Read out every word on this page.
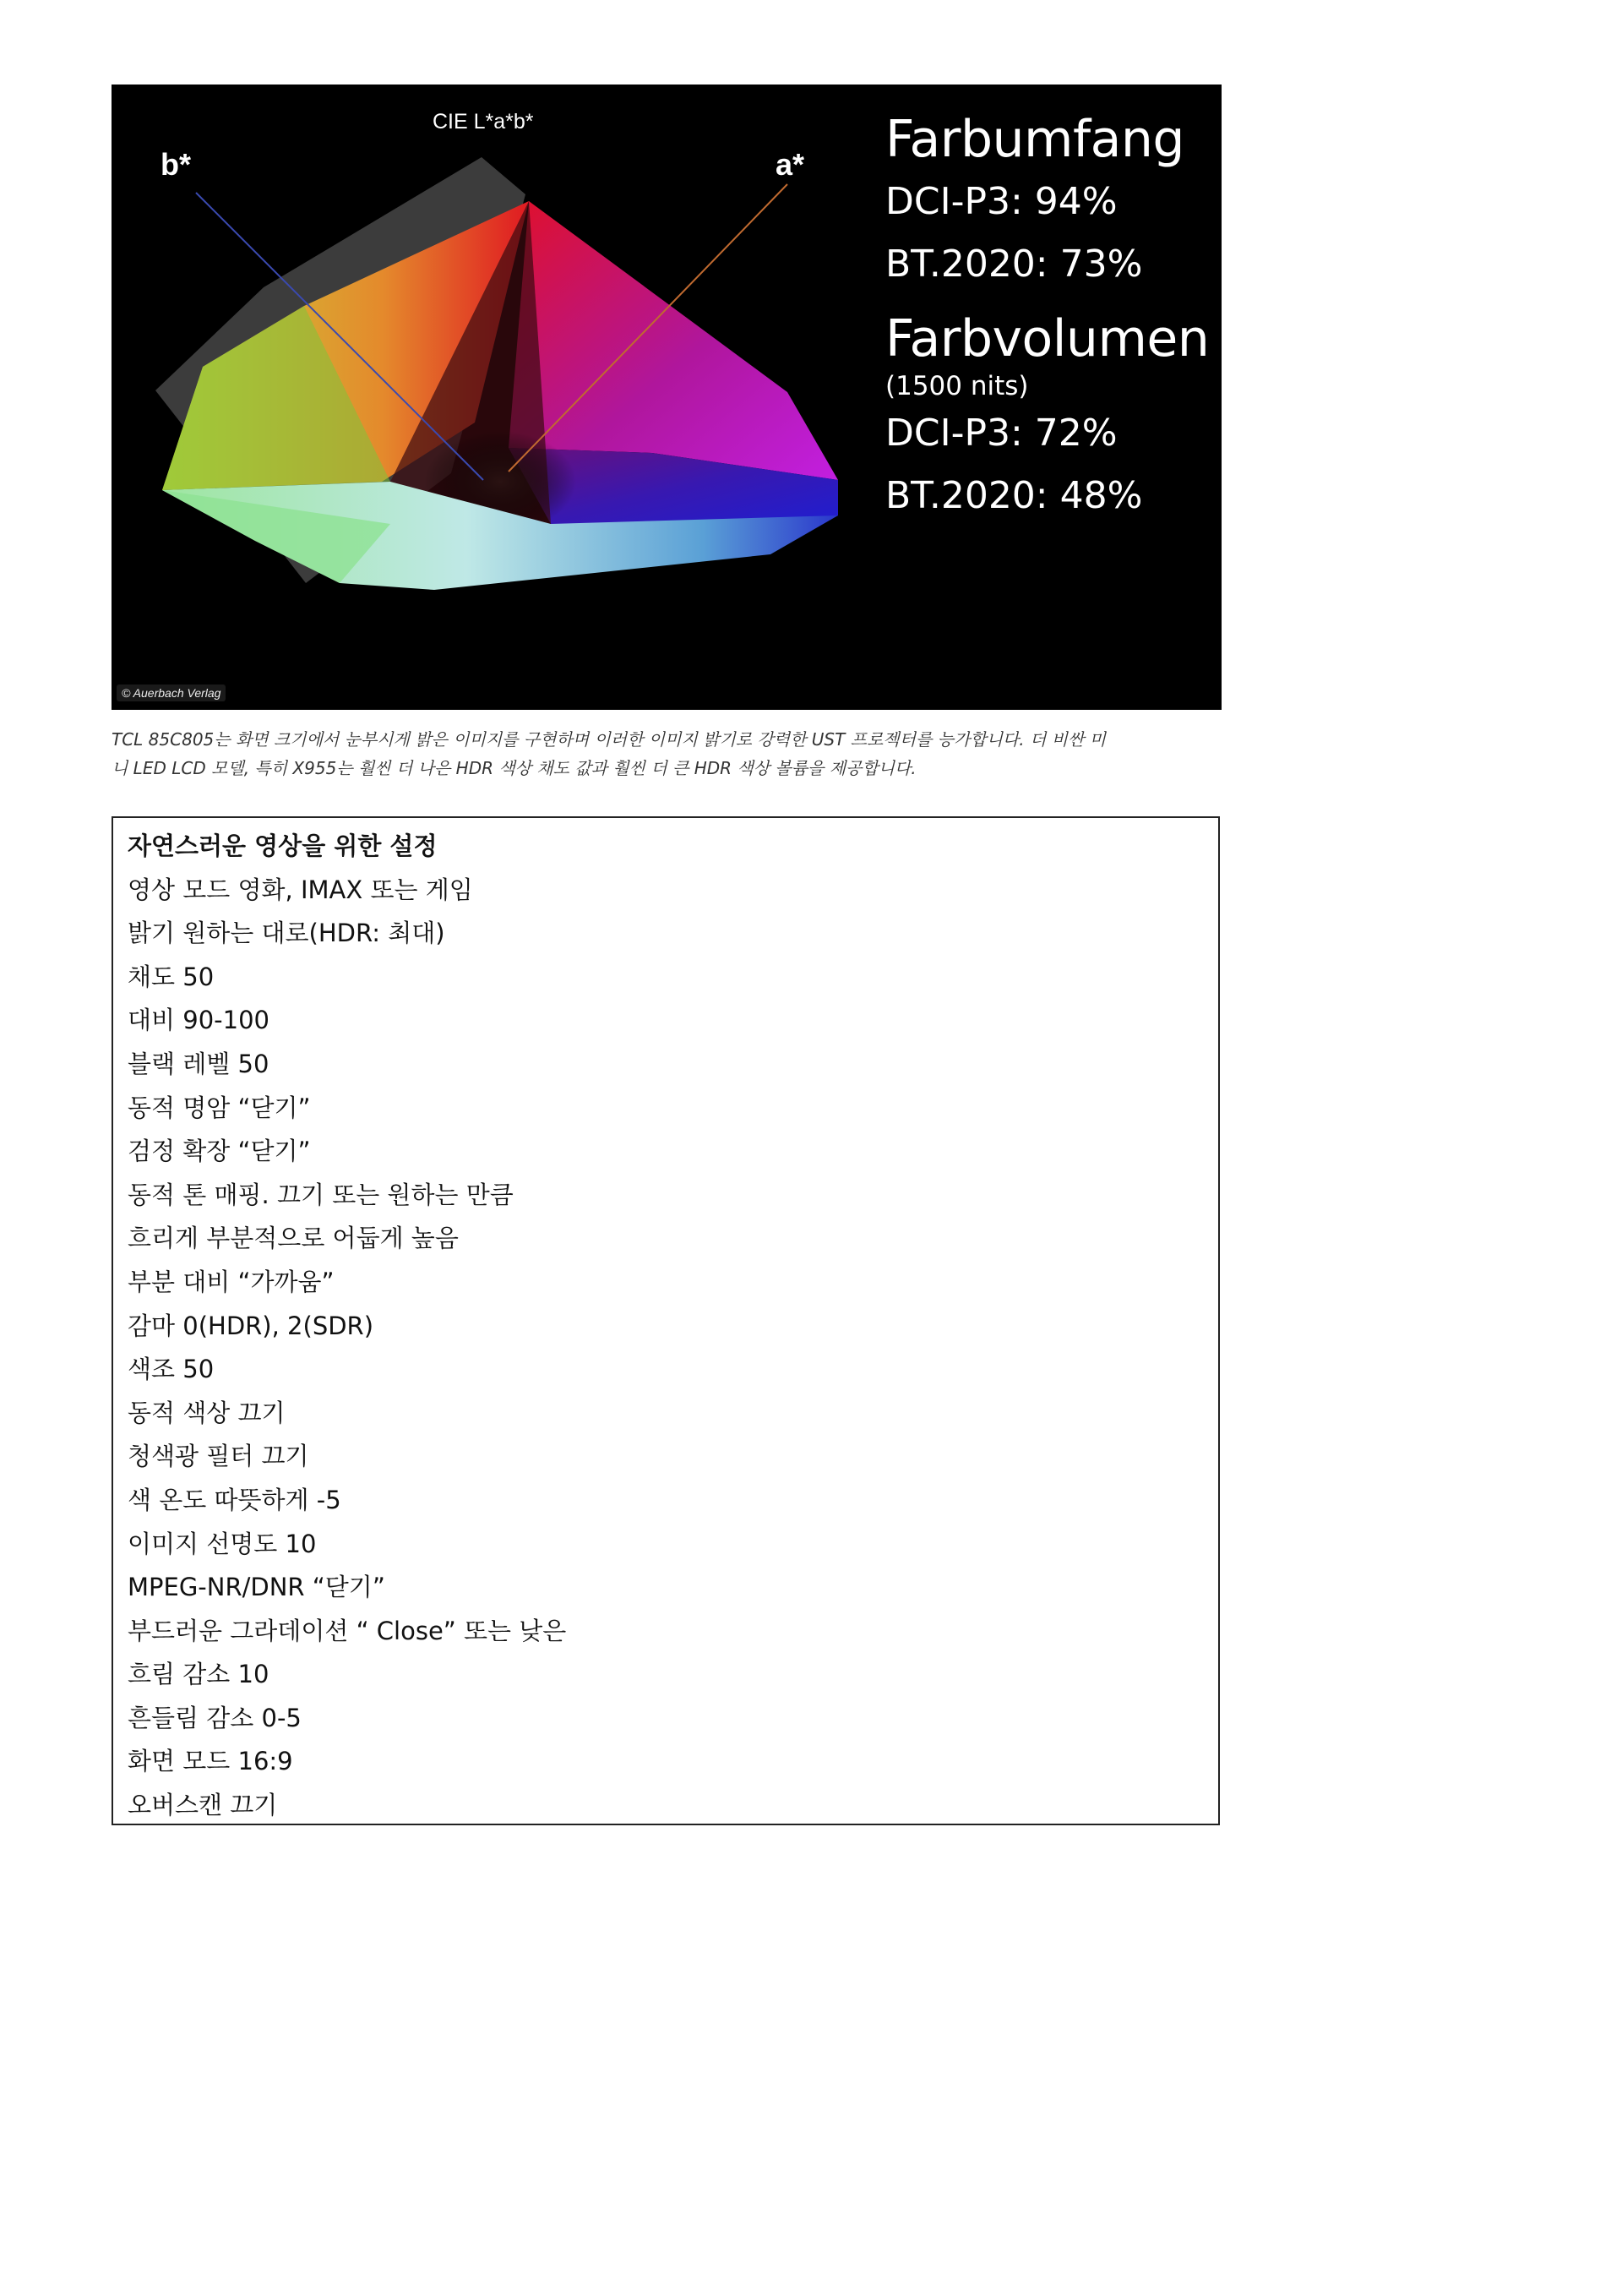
CIE L*a*b*
b*	a*
© Auerbach Verlag
Farbumfang
DCI-P3: 94%
BT.2020: 73%
Farbvolumen
(1500 nits)
DCI-P3: 72%
BT.2020: 48%
TCL 85C805는 화면 크기에서 눈부시게 밝은 이미지를 구현하며 이러한 이미지 밝기로 강력한 UST 프로젝터를 능가합니다. 더 비싼 미
니 LED LCD 모델, 특히 X955는 훨씬 더 나은 HDR 색상 채도 값과 훨씬 더 큰 HDR 색상 볼륨을 제공합니다.
자연스러운 영상을 위한 설정
영상 모드 영화, IMAX 또는 게임
밝기 원하는 대로(HDR: 최대)
채도 50
대비 90-100
블랙 레벨 50
동적 명암 “닫기”
검정 확장 “닫기”
동적 톤 매핑. 끄기 또는 원하는 만큼
흐리게 부분적으로 어둡게 높음
부분 대비 “가까움”
감마 0(HDR), 2(SDR)
색조 50
동적 색상 끄기
청색광 필터 끄기
색 온도 따뜻하게 -5
이미지 선명도 10
MPEG-NR/DNR “닫기”
부드러운 그라데이션 “ Close” 또는 낮은
흐림 감소 10
흔들림 감소 0-5
화면 모드 16:9
오버스캔 끄기
